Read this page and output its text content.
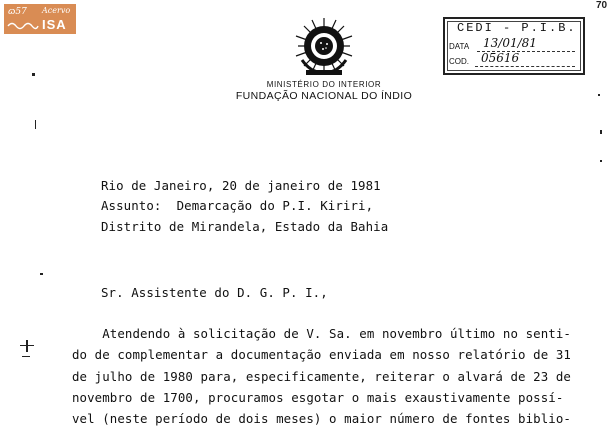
ɷ57 Acervo
ISA
70
MINISTÉRIO DO INTERIOR
FUNDAÇÃO NACIONAL DO ÍNDIO
CEDI - P.I.B.
DATA 13/01/81
COD. 05616
Rio de Janeiro, 20 de janeiro de 1981
Assunto:  Demarcação do P.I. Kiriri,
Distrito de Mirandela, Estado da Bahia
Sr. Assistente do D. G. P. I.,
Atendendo à solicitação de V. Sa. em novembro último no senti-
do de complementar a documentação enviada em nosso relatório de 31
de julho de 1980 para, especificamente, reiterar o alvará de 23 de
novembro de 1700, procuramos esgotar o mais exaustivamente possí-
vel (neste período de dois meses) o maior número de fontes biblio-
